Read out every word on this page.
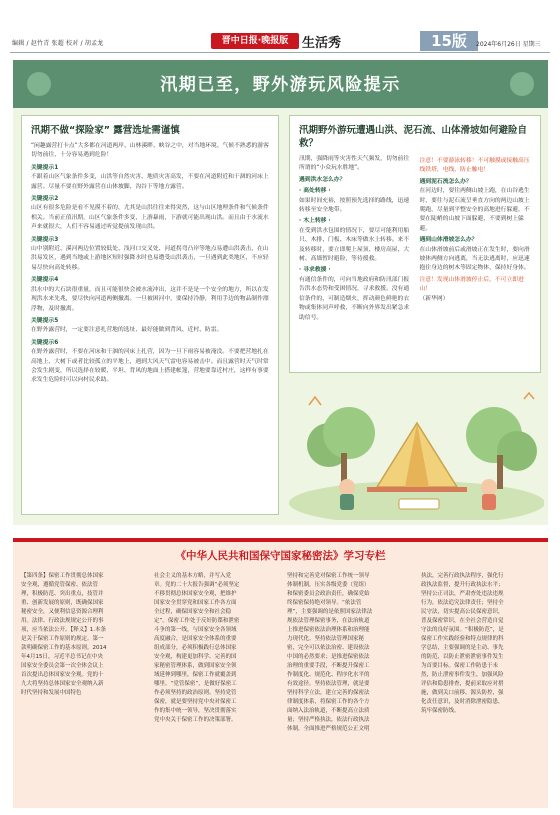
编辑 / 赵竹青 张超 校对 / 胡孟龙	晋中日报·晚报版	生活秀	15版	2024年6月26日 星期三
汛期已至，野外游玩风险提示
汛期不做“探险家” 露营选址需谨慎
“闲趣露营打卡点”大多都在河道两岸、山林溪畔、峡谷之中，对当地环境、气候不熟悉的游客切勿前往，十分容易遇到危险！
关键提示1
不跟着山区气象条件多变，山洪等自然灾害、地质灾害高发，不要在河道附近和干涸的河床上露营。尽量不要在野外露营在山体坡脚、沟谷下等地方露营。
关键提示2
山区有很多危险是看不见摸不着的，尤其是山洪往往来得突然，这与山区地理条件和气候条件相关。当前正值汛期，山区气象条件多变，上游暴雨，下游就可能出现山洪。而且由于水流水声来就很大，人们不容易通过听觉提前发现山洪。
关键提示3
山中别附近、溪河两边位置较低处、浅河口交叉处、河道拐弯凸岸等地点易遭山洪袭击，在山洪易发区，遇到当地或上游地区短时强降水时也易遭受山洪袭击，一旦遇到此类地区，不应轻易尽快向高处转移。
关键提示4
洪水中的大石块很重量，而且可能很快会被水流冲出，这并不是是一个安全的地方，所以在发现洪水来先兆，要尽快向河道两侧撤离。一旦被困河中，要保持冷静，利用手边的物品制作漂浮物，及时撤离。
关键提示5
在野外露营时，一定要注意扎营地的选址，最好能做到背风、近村、防雷。
关键提示6
在野外露营时，不要在河床和干涸的河床上扎营，因为一旦下雨容易被淹没。不要把营地扎在高地上、大树下或者比较孤立的平地上，遇到大风天气雷电容易被击中。而且露营时天气时常会发生剧变，所以选择在较暖、平坦、背风的地面上搭建帐篷，营地要靠近村庄，这样有事要求发生危险时可以向村民求助。
汛期野外游玩遭遇山洪、泥石流、山体滑坡如何避险自救？
汛期，强降雨等灾害性天气频发，切勿前往所谓的“小众玩水胜地”。
遇到洪水怎么办？
· 高处转移 ·
如果时间充裕，按照预先选择的路线，迅速转移至安全地带。
· 木上转移 ·
在受到洪水包围的情况下，要尽可能利用船只、木排、门板、木床等做水上转移。来不及转移时，要立即爬上屋顶、楼房高屋、大树、高墙暂时避险，等待援救。
· 寻求救援 ·
有通信条件的，可向当地政府和防汛部门报告洪水态势和受困情况，寻求救援。没有通信条件的，可制造烟火，挥动颜色鲜艳的衣物或集体同声呼救，不断向外界发出紧急求助信号。
注意！不要游泳转移！不可触摸或接触高压线铁塔，电线，防止触电！
遇到泥石流怎么办？
在河边时，要往两侧山坡上跑，在山谷逃生时，要往与泥石流呈垂直方向的两边山坡上爬跑，尽量到平整安全的高地进行躲避，不要在陡峭的山坡下面躲避，不要到树上躲避。
遇到山体滑坡怎么办？
在山体滑坡前后或滑坡正在发生时，要向滑坡体两侧方向逃离，当无法逃离时，应迅速抱住身边的树木等固定物体，保持好身体。
注意！发现山体滑坡停止后，不可立即进山！
（新华网）
《中华人民共和国保守国家秘密法》学习专栏
【第四条】保密工作贯彻总体国家安全观，遵循党管保密、依法管理，积极防范、突出重点，技管并重、创新发展的原则，既确保国家秘密安全，又便利信息资源合理利用。法律、行政法规规定公开的事项，应当依法公开。【释义】1.本条是关于保密工作原则的规定。第一款明确保密工作的基本原则。2014年4月15日，习近平总书记在中央国家安全委员会第一次全体会议上首次提出总体国家安全观。党的十九大将坚持总体国家安全观纳入新时代坚持和发展中国特色
社会主义的基本方略，并写入党章。党的二十大报告强调“必须坚定不移贯彻总体国家安全观，把维护国家安全贯穿党和国家工作各方面全过程，确保国家安全和社会稳定”。保密工作处于反奸防谍和泄密斗争的第一线，与国家安全各领域高度融合，是国家安全体系的重要组成部分，必须积极践行总体国家安全观，构建更加科学、完善的国家秘密管理体系，做到国家安全领域延伸到哪里，保密工作就覆盖到哪里。“党管保密”，是做好保密工作必须坚持的政治原则。坚持党管保密，就是要坚持党中央对保密工作的集中统一领导，坚决贯彻落实党中央关于保密工作的决策部署。
坚持和完善党对保密工作统一领导体制机制，压实各级党委（党组）和保密委员会政治责任，确保党始终保密保持绝对领导。“依法管理”，主要强调的是依照国家法律法规依法管理保密事务，在法治轨道上推进保密依法治理体系和治理能力现代化。坚持依法管理国家秘密，完全可以依法治密、建设依法中国的必然要求；是推进保密依法治理的重要手段，不断提升保密工作制度化、规范化、程序化水平的有效途径。坚持依法管理，就是要坚持科学立法，建立完善的保密法律制度体系，将保密工作的各个方面纳入法治轨道，不断提高立法质量；坚持严格执法，依法行政执法体制，全面推进严格规范公正文明
执法，完善行政执法程序，强化行政执法监督，提升行政执法水平；坚持公正司法，严肃查处违法违规行为，依法追究法律责任；坚持全民守法，切实提高公民保密意识，普及保密常识，在全社会营造自觉守法的良好氛围。“积极防范”，是保密工作实践经验和特点规律的科学总结，主要强调的是主动、事先的防范，以防止泄密泄密事件发生为首要目标。保密工作防患于未然，防止泄密事件发生，加强风险评估和隐患排查，提前采取应对措施，做到关口前移、源头防控，强化责任意识，及时消除泄密隐患，筑牢保密防线。
